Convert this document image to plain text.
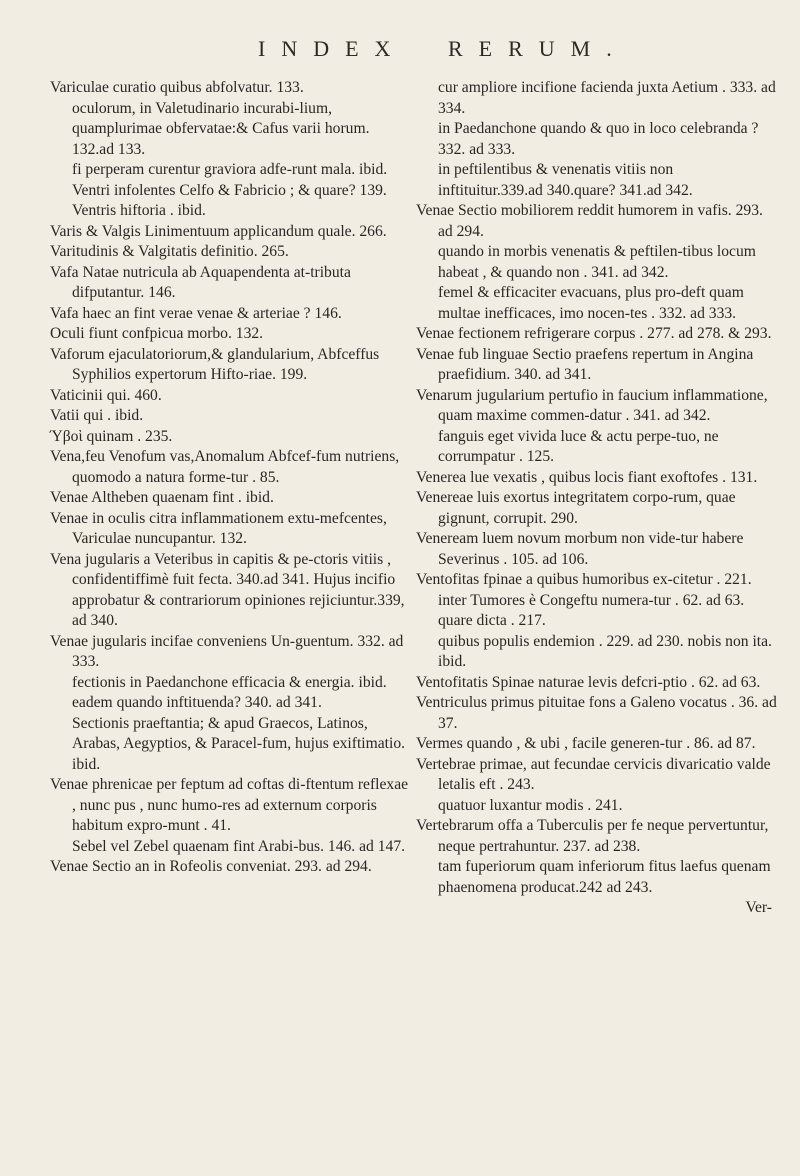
INDEX RERUM.

Variculae curatio quibus abfolvatur. 133.

oculorum, in Valetudinario incurabi-lium, quamplurimae obfervatae:& Cafus varii horum. 132.ad 133.

fi perperam curentur graviora adfe-runt mala. ibid.

Ventri infolentes Celfo & Fabricio ; & quare? 139.

Ventris hiftoria . ibid.

Varis & Valgis Linimentuum applicandum quale. 266.

Varitudinis & Valgitatis definitio. 265.

Vafa Natae nutricula ab Aquapendenta at-tributa difputantur. 146.

Vafa haec an fint verae venae & arteriae ? 146.

Oculi fiunt confpicua morbo. 132.

Vaforum ejaculatoriorum,& glandularium, Abfceffus Syphilios expertorum Hifto-riae. 199.

Vaticinii qui. 460.

Vatii qui . ibid.

Ύβοὶ quinam . 235.

Vena,feu Venofum vas,Anomalum Abfcef-fum nutriens, quomodo a natura forme-tur . 85.

Venae Altheben quaenam fint . ibid.

Venae in oculis citra inflammationem extu-mefcentes, Variculae nuncupantur. 132.

Vena jugularis a Veteribus in capitis & pe-ctoris vitiis , confidentiffimè fuit fecta. 340.ad 341. Hujus incifio approbatur & contrariorum opiniones rejiciuntur.339, ad 340.

Venae jugularis incifae conveniens Un-guentum. 332. ad 333.

fectionis in Paedanchone efficacia & energia. ibid. eadem quando inftituenda? 340. ad 341.

Sectionis praeftantia; & apud Graecos, Latinos, Arabas, Aegyptios, & Paracel-fum, hujus exiftimatio. ibid.

Venae phrenicae per feptum ad coftas di-ftentum reflexae , nunc pus , nunc humo-res ad externum corporis habitum expro-munt . 41.

Sebel vel Zebel quaenam fint Arabi-bus. 146. ad 147.

Venae Sectio an in Rofeolis conveniat. 293. ad 294.

cur ampliore incifione facienda juxta Aetium . 333. ad 334.

in Paedanchone quando & quo in loco celebranda ? 332. ad 333.

in peftilentibus & venenatis vitiis non inftituitur.339.ad 340.quare? 341.ad 342.

Venae Sectio mobiliorem reddit humorem in vafis. 293. ad 294.

quando in morbis venenatis & peftilen-tibus locum habeat , & quando non . 341. ad 342.

femel & efficaciter evacuans, plus pro-deft quam multae inefficaces, imo nocen-tes . 332. ad 333.

Venae fectionem refrigerare corpus . 277. ad 278. & 293.

Venae fub linguae Sectio praefens repertum in Angina praefidium. 340. ad 341.

Venarum jugularium pertufio in faucium inflammatione, quam maxime commen-datur . 341. ad 342.

fanguis eget vivida luce & actu perpe-tuo, ne corrumpatur . 125.

Venerea lue vexatis , quibus locis fiant exoftofes . 131.

Venereae luis exortus integritatem corpo-rum, quae gignunt, corrupit. 290.

Veneream luem novum morbum non vide-tur habere Severinus . 105. ad 106.

Ventofitas fpinae a quibus humoribus ex-citetur . 221.

inter Tumores è Congeftu numera-tur . 62. ad 63.

quare dicta . 217.

quibus populis endemion . 229. ad 230. nobis non ita. ibid.

Ventofitatis Spinae naturae levis defcri-ptio . 62. ad 63.

Ventriculus primus pituitae fons a Galeno vocatus . 36. ad 37.

Vermes quando , & ubi , facile generen-tur . 86. ad 87.

Vertebrae primae, aut fecundae cervicis divaricatio valde letalis eft . 243.

quatuor luxantur modis . 241.

Vertebrarum offa a Tuberculis per fe neque pervertuntur, neque pertrahuntur. 237. ad 238.

tam fuperiorum quam inferiorum fitus laefus quenam phaenomena producat.242 ad 243.

Ver-
